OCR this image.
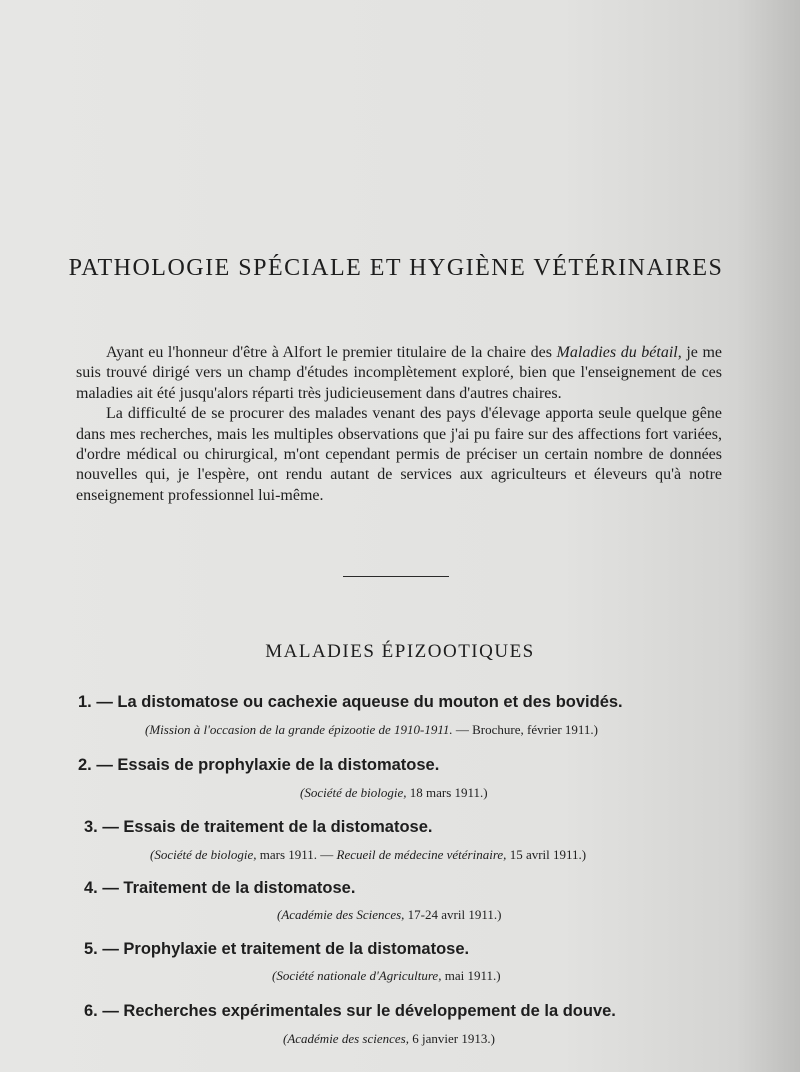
PATHOLOGIE SPÉCIALE ET HYGIÈNE VÉTÉRINAIRES

Ayant eu l'honneur d'être à Alfort le premier titulaire de la chaire des Maladies du bétail, je me suis trouvé dirigé vers un champ d'études incomplètement exploré, bien que l'enseignement de ces maladies ait été jusqu'alors réparti très judicieusement dans d'autres chaires.

La difficulté de se procurer des malades venant des pays d'élevage apporta seule quelque gêne dans mes recherches, mais les multiples observations que j'ai pu faire sur des affections fort variées, d'ordre médical ou chirurgical, m'ont cependant permis de préciser un certain nombre de données nouvelles qui, je l'espère, ont rendu autant de services aux agriculteurs et éleveurs qu'à notre enseignement professionnel lui-même.

MALADIES ÉPIZOOTIQUES
1. — La distomatose ou cachexie aqueuse du mouton et des bovidés.
(Mission à l'occasion de la grande épizootie de 1910-1911. — Brochure, février 1911.)
2. — Essais de prophylaxie de la distomatose.
(Société de biologie, 18 mars 1911.)
3. — Essais de traitement de la distomatose.
(Société de biologie, mars 1911. — Recueil de médecine vétérinaire, 15 avril 1911.)
4. — Traitement de la distomatose.
(Académie des Sciences, 17-24 avril 1911.)
5. — Prophylaxie et traitement de la distomatose.
(Société nationale d'Agriculture, mai 1911.)
6. — Recherches expérimentales sur le développement de la douve.
(Académie des sciences, 6 janvier 1913.)
